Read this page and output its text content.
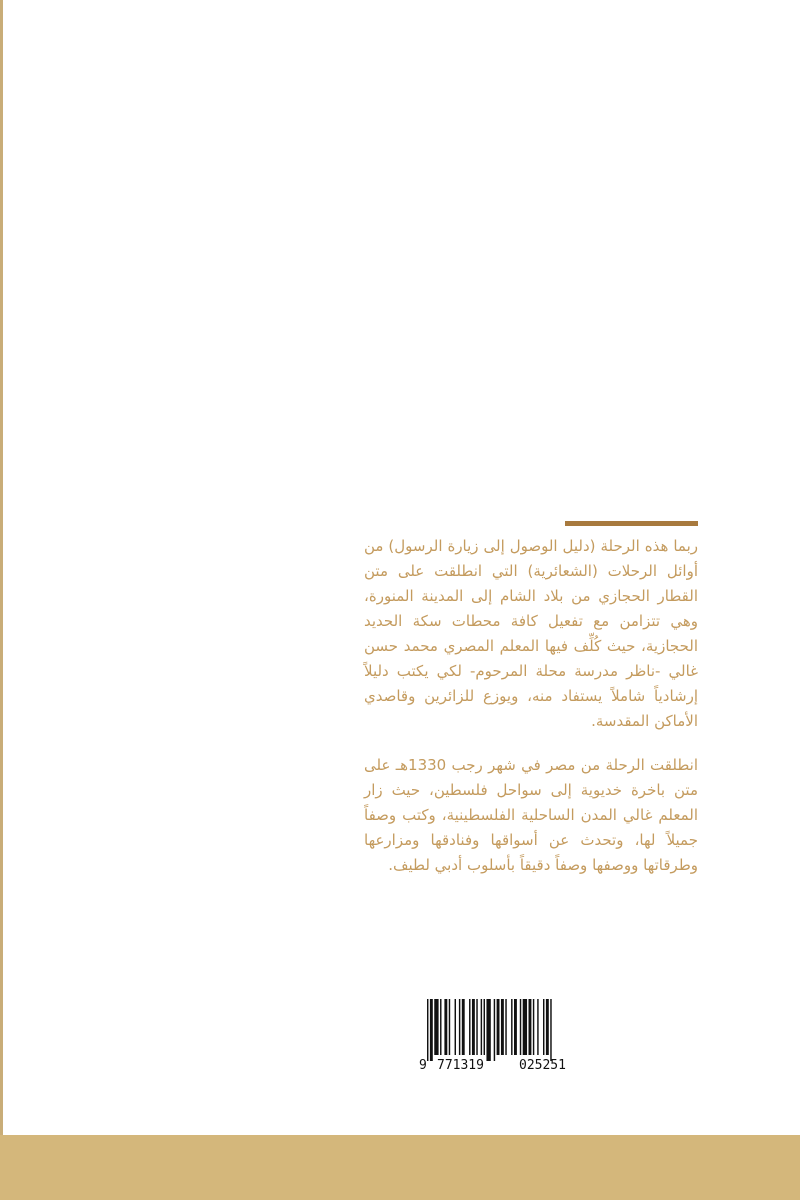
ربما هذه الرحلة (دليل الوصول إلى زيارة الرسول) من أوائل الرحلات (الشعائرية) التي انطلقت على متن القطار الحجازي من بلاد الشام إلى المدينة المنورة، وهي تتزامن مع تفعيل كافة محطات سكة الحديد الحجازية، حيث كُلِّف فيها المعلم المصري محمد حسن غالي -ناظر مدرسة محلة المرحوم- لكي يكتب دليلاً إرشادياً شاملاً يستفاد منه، ويوزع للزائرين وقاصدي الأماكن المقدسة.

انطلقت الرحلة من مصر في شهر رجب 1330هـ على متن باخرة خديوية إلى سواحل فلسطين، حيث زار المعلم غالي المدن الساحلية الفلسطينية، وكتب وصفاً جميلاً لها، وتحدث عن أسواقها وفنادقها ومزارعها وطرقاتها ووصفها وصفاً دقيقاً بأسلوب أدبي لطيف.

9

771319

	025251
